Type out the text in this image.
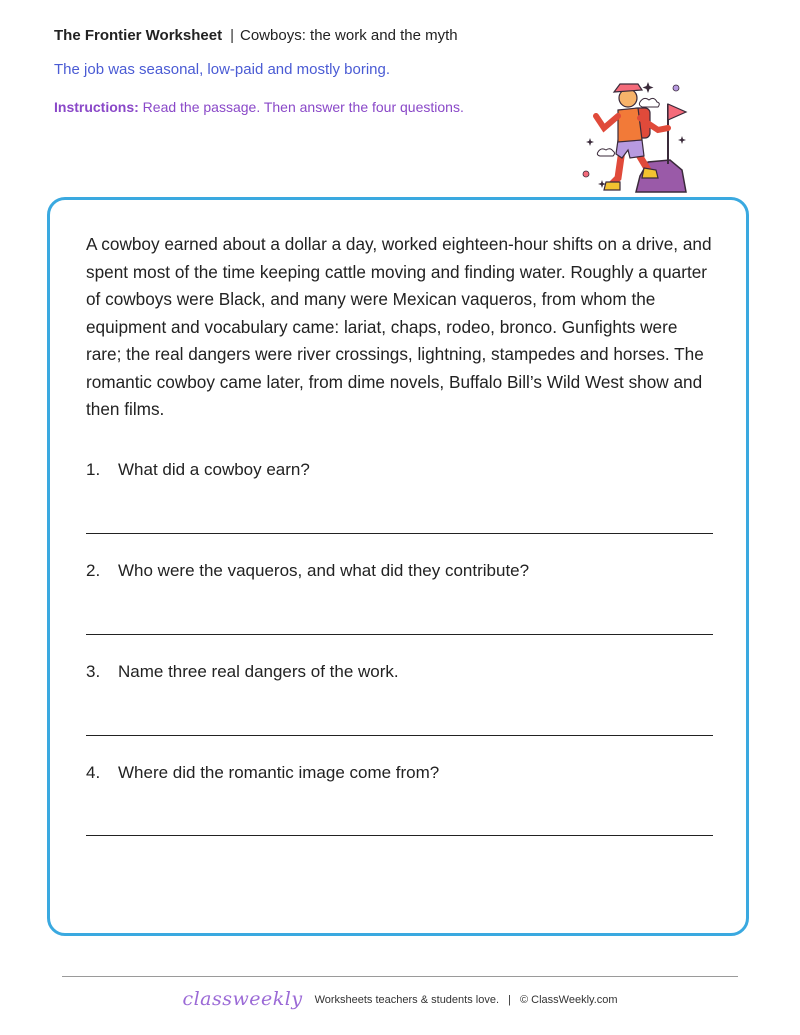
The Frontier Worksheet | Cowboys: the work and the myth
The job was seasonal, low-paid and mostly boring.
Instructions: Read the passage. Then answer the four questions.
A cowboy earned about a dollar a day, worked eighteen-hour shifts on a drive, and spent most of the time keeping cattle moving and finding water. Roughly a quarter of cowboys were Black, and many were Mexican vaqueros, from whom the equipment and vocabulary came: lariat, chaps, rodeo, bronco. Gunfights were rare; the real dangers were river crossings, lightning, stampedes and horses. The romantic cowboy came later, from dime novels, Buffalo Bill’s Wild West show and then films.
1. What did a cowboy earn?
2. Who were the vaqueros, and what did they contribute?
3. Name three real dangers of the work.
4. Where did the romantic image come from?
classweekly Worksheets teachers & students love. | © ClassWeekly.com
